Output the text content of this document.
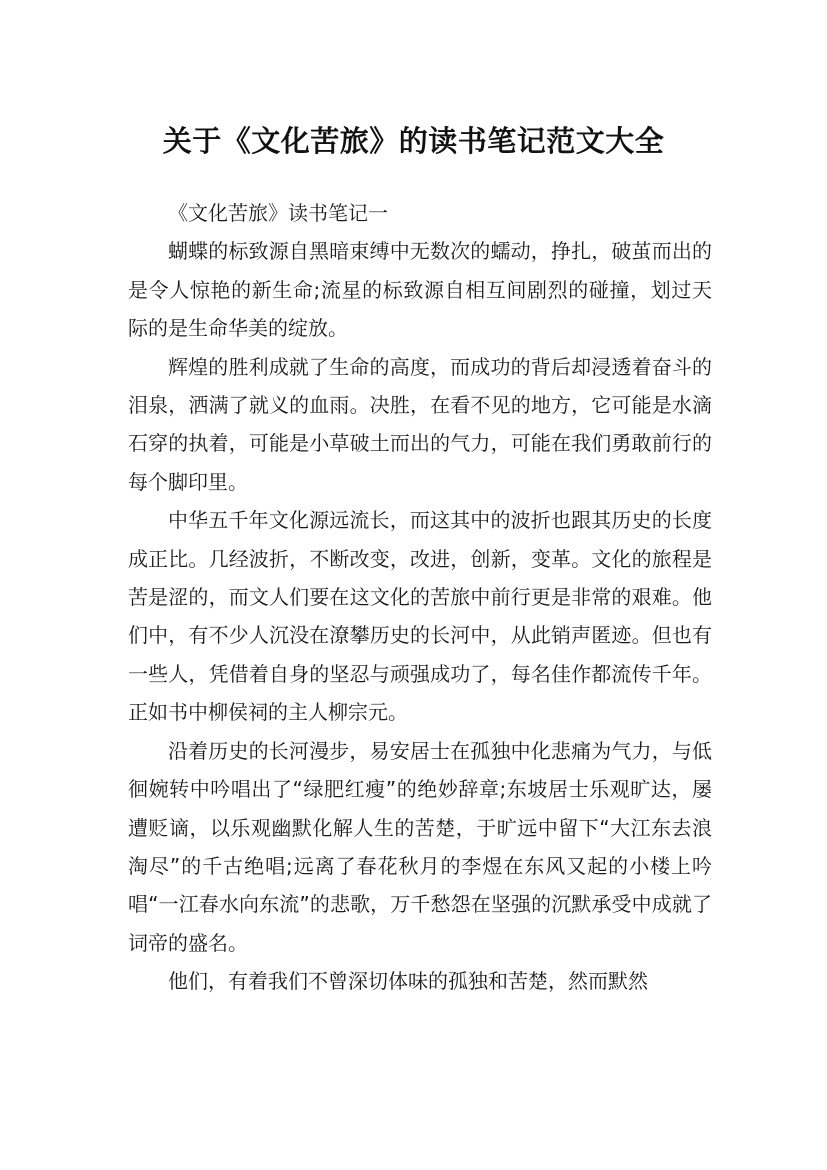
关于《文化苦旅》的读书笔记范文大全

《文化苦旅》读书笔记一

蝴蝶的标致源自黑暗束缚中无数次的蠕动，挣扎，破茧而出的是令人惊艳的新生命;流星的标致源自相互间剧烈的碰撞，划过天际的是生命华美的绽放。

辉煌的胜利成就了生命的高度，而成功的背后却浸透着奋斗的泪泉，洒满了就义的血雨。决胜，在看不见的地方，它可能是水滴石穿的执着，可能是小草破土而出的气力，可能在我们勇敢前行的每个脚印里。

中华五千年文化源远流长，而这其中的波折也跟其历史的长度成正比。几经波折，不断改变，改进，创新，变革。文化的旅程是苦是涩的，而文人们要在这文化的苦旅中前行更是非常的艰难。他们中，有不少人沉没在潦攀历史的长河中，从此销声匿迹。但也有一些人，凭借着自身的坚忍与顽强成功了，每名佳作都流传千年。正如书中柳侯祠的主人柳宗元。

沿着历史的长河漫步，易安居士在孤独中化悲痛为气力，与低徊婉转中吟唱出了“绿肥红瘦”的绝妙辞章;东坡居士乐观旷达，屡遭贬谪，以乐观幽默化解人生的苦楚，于旷远中留下“大江东去浪淘尽”的千古绝唱;远离了春花秋月的李煜在东风又起的小楼上吟唱“一江春水向东流”的悲歌，万千愁怨在坚强的沉默承受中成就了词帝的盛名。

他们，有着我们不曾深切体味的孤独和苦楚，然而默然
